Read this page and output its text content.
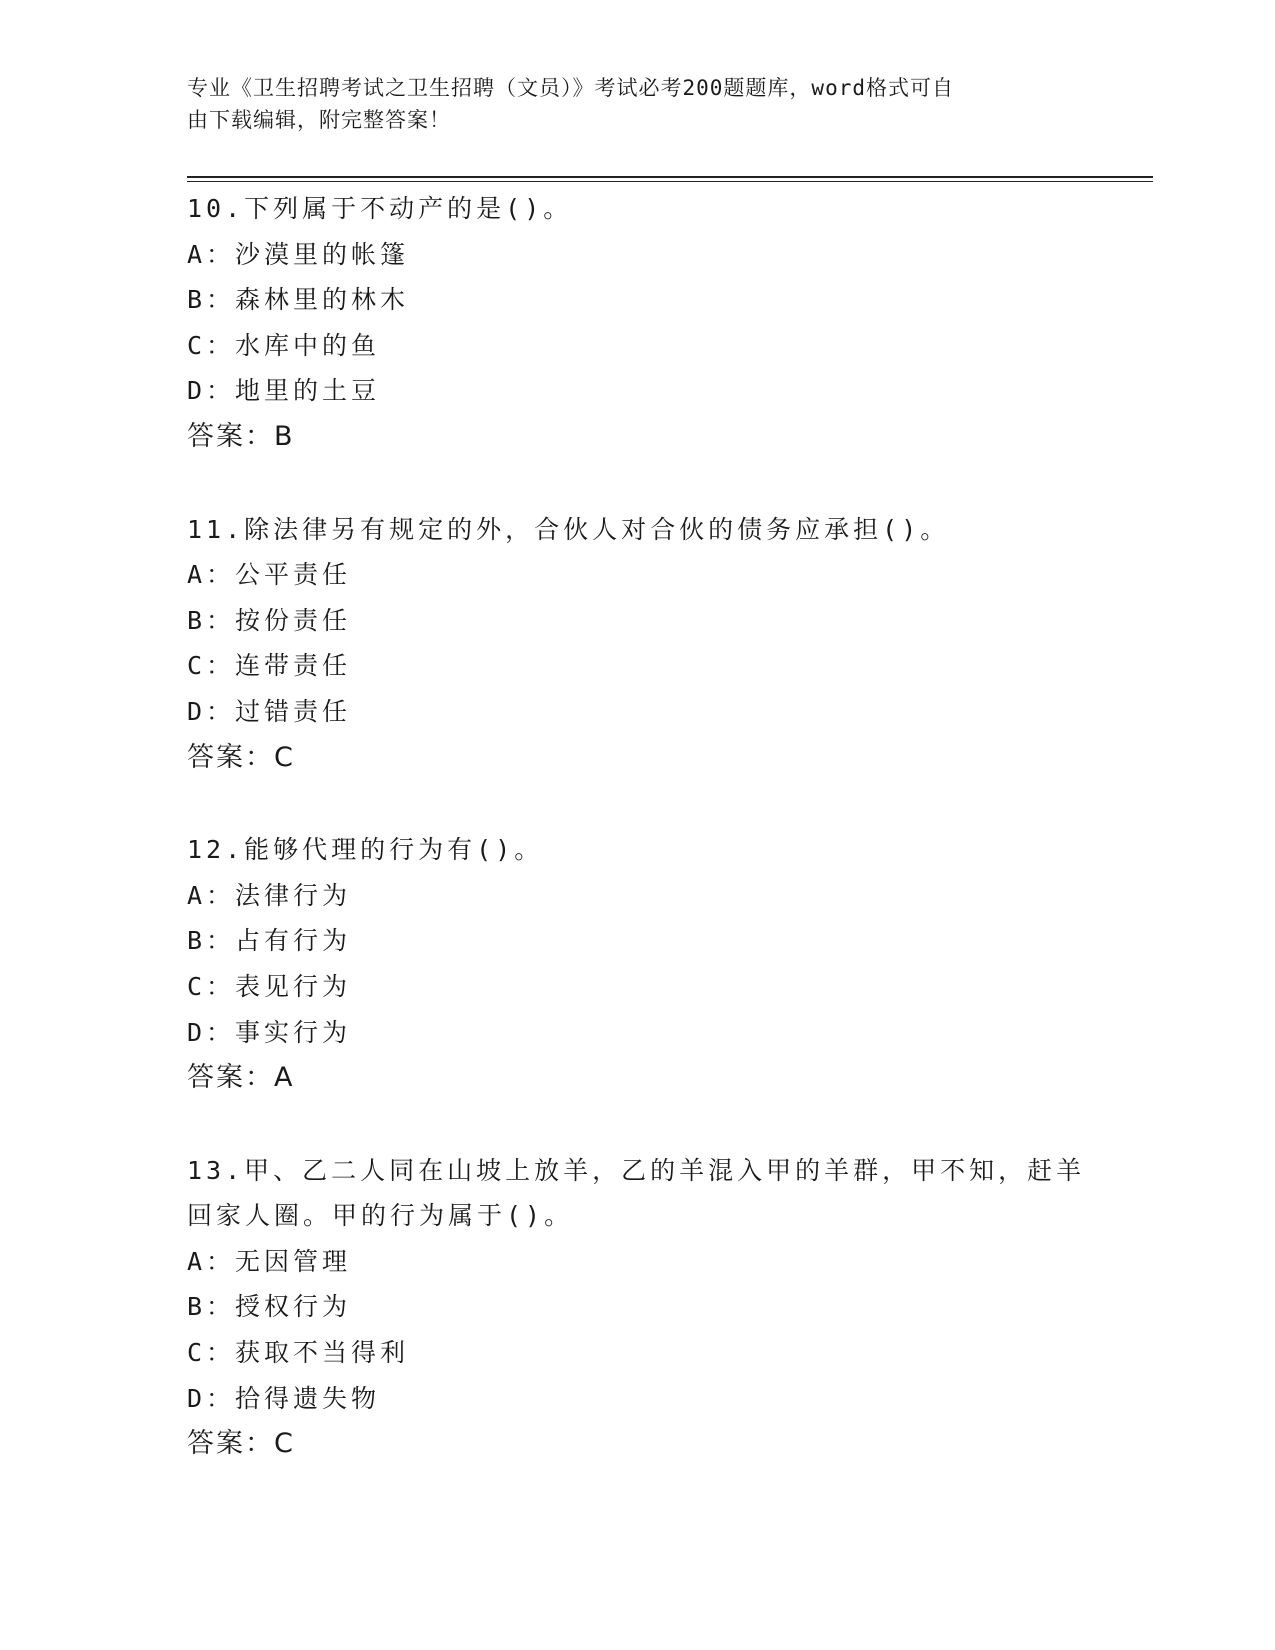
专业《卫生招聘考试之卫生招聘（文员）》考试必考200题题库，word格式可自
由下载编辑，附完整答案！
10.下列属于不动产的是()。
A：沙漠里的帐篷
B：森林里的林木
C：水库中的鱼
D：地里的土豆
答案：B
11.除法律另有规定的外，合伙人对合伙的债务应承担()。
A：公平责任
B：按份责任
C：连带责任
D：过错责任
答案：C
12.能够代理的行为有()。
A：法律行为
B：占有行为
C：表见行为
D：事实行为
答案：A
13.甲、乙二人同在山坡上放羊，乙的羊混入甲的羊群，甲不知，赶羊
回家人圈。甲的行为属于()。
A：无因管理
B：授权行为
C：获取不当得利
D：拾得遗失物
答案：C
